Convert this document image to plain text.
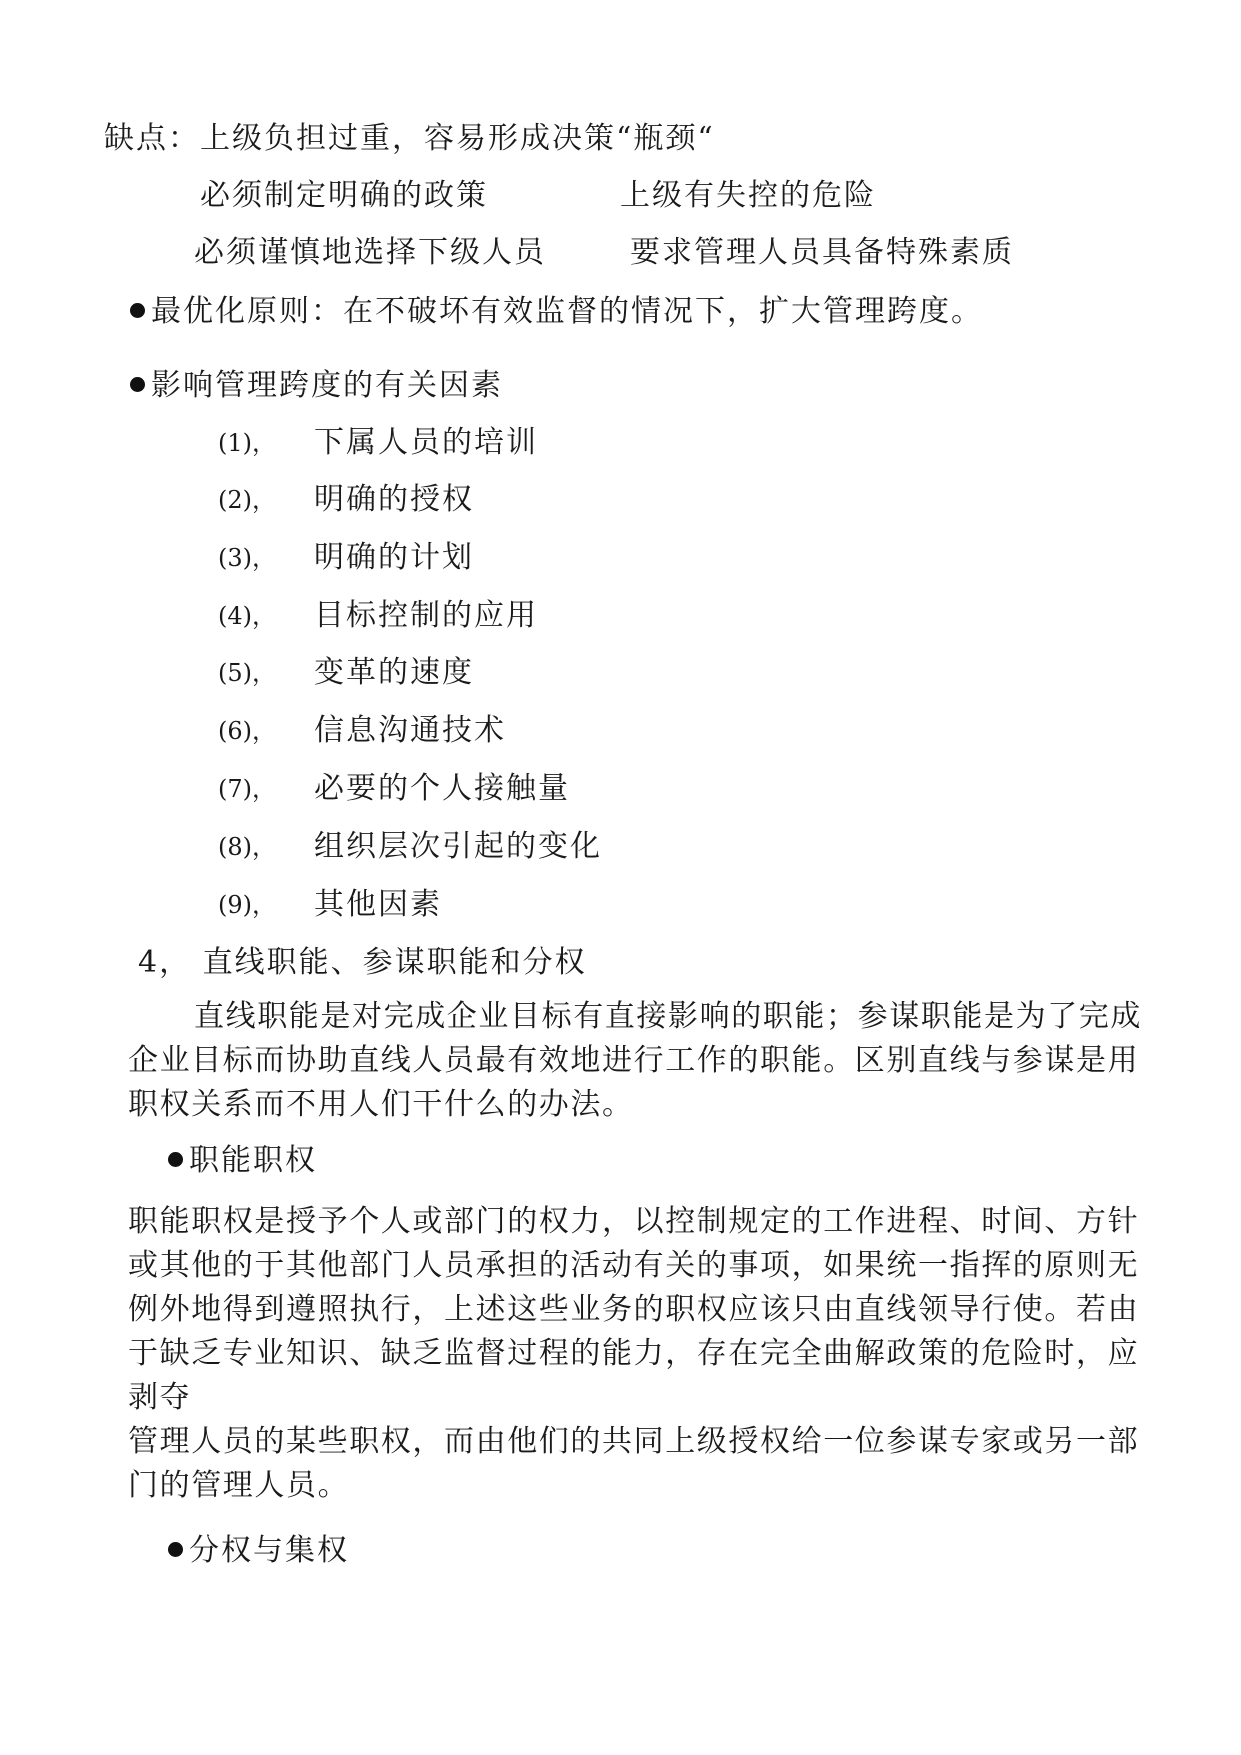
缺点：上级负担过重，容易形成决策“瓶颈“
必须制定明确的政策	上级有失控的危险
必须谨慎地选择下级人员	要求管理人员具备特殊素质
最优化原则：在不破坏有效监督的情况下，扩大管理跨度。
影响管理跨度的有关因素
(1)， 下属人员的培训
(2)， 明确的授权
(3)， 明确的计划
(4)， 目标控制的应用
(5)， 变革的速度
(6)， 信息沟通技术
(7)， 必要的个人接触量
(8)， 组织层次引起的变化
(9)， 其他因素
4， 直线职能、参谋职能和分权
直线职能是对完成企业目标有直接影响的职能；参谋职能是为了完成
企业目标而协助直线人员最有效地进行工作的职能。区别直线与参谋是用
职权关系而不用人们干什么的办法。
职能职权
职能职权是授予个人或部门的权力，以控制规定的工作进程、时间、方针
或其他的于其他部门人员承担的活动有关的事项，如果统一指挥的原则无
例外地得到遵照执行，上述这些业务的职权应该只由直线领导行使。若由
于缺乏专业知识、缺乏监督过程的能力，存在完全曲解政策的危险时，应
剥夺
管理人员的某些职权，而由他们的共同上级授权给一位参谋专家或另一部
门的管理人员。
分权与集权
